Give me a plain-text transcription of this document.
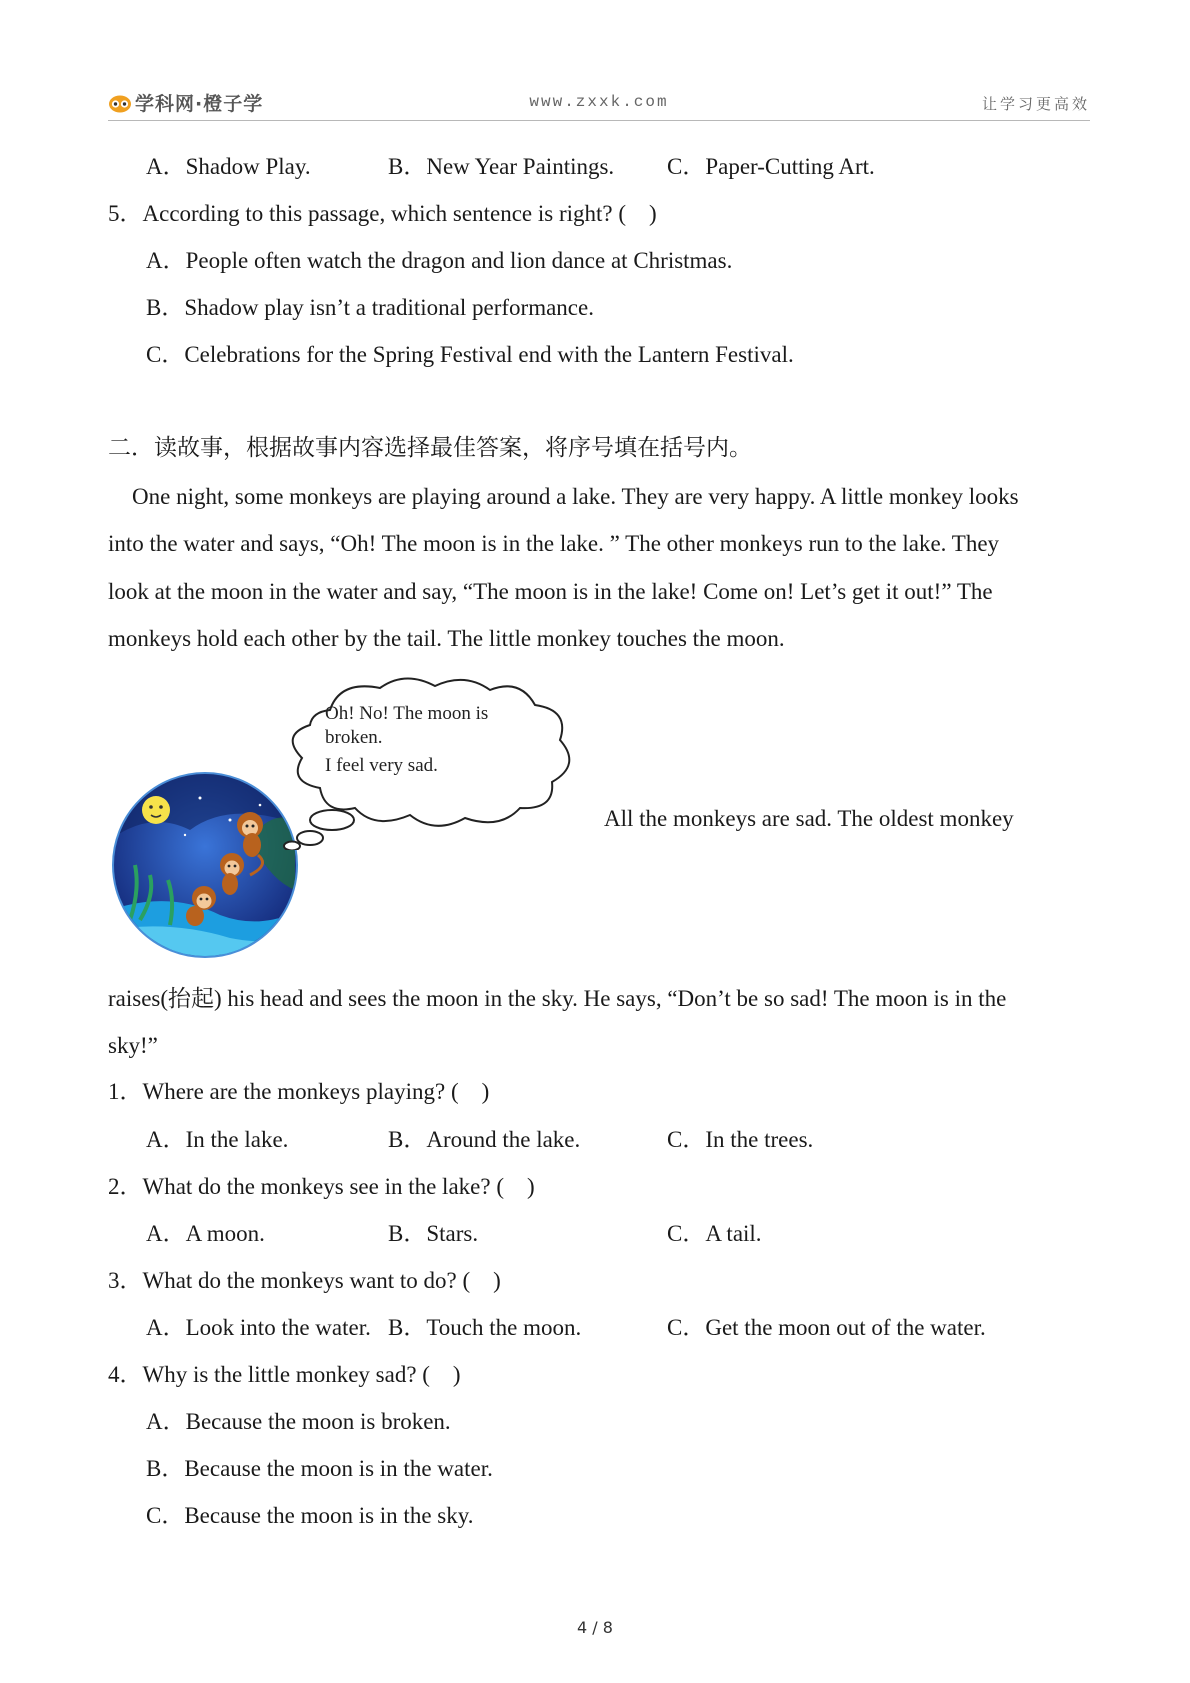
学科网·橙子学	www.zxxk.com	让学习更高效
A．Shadow Play.	B．New Year Paintings. C．Paper-Cutting Art.
5．According to this passage, which sentence is right? (　)
A．People often watch the dragon and lion dance at Christmas.
B．Shadow play isn’t a traditional performance.
C．Celebrations for the Spring Festival end with the Lantern Festival.
二．读故事，根据故事内容选择最佳答案，将序号填在括号内。
One night, some monkeys are playing around a lake. They are very happy. A little monkey looks
into the water and says, “Oh! The moon is in the lake. ” The other monkeys run to the lake. They
look at the moon in the water and say, “The moon is in the lake! Come on! Let’s get it out!” The
monkeys hold each other by the tail. The little monkey touches the moon.
Oh! No! The moon is
broken.
I feel very sad.
All the monkeys are sad. The oldest monkey
raises(抬起) his head and sees the moon in the sky. He says, “Don’t be so sad! The moon is in the
sky!”
1．Where are the monkeys playing? (　)
A．In the lake.	B．Around the lake.	C．In the trees.
2．What do the monkeys see in the lake? (　)
A．A moon.	B．Stars.	C．A tail.
3．What do the monkeys want to do? (　)
A．Look into the water. B．Touch the moon.	C．Get the moon out of the water.
4．Why is the little monkey sad? (　)
A．Because the moon is broken.
B．Because the moon is in the water.
C．Because the moon is in the sky.
4 / 8
